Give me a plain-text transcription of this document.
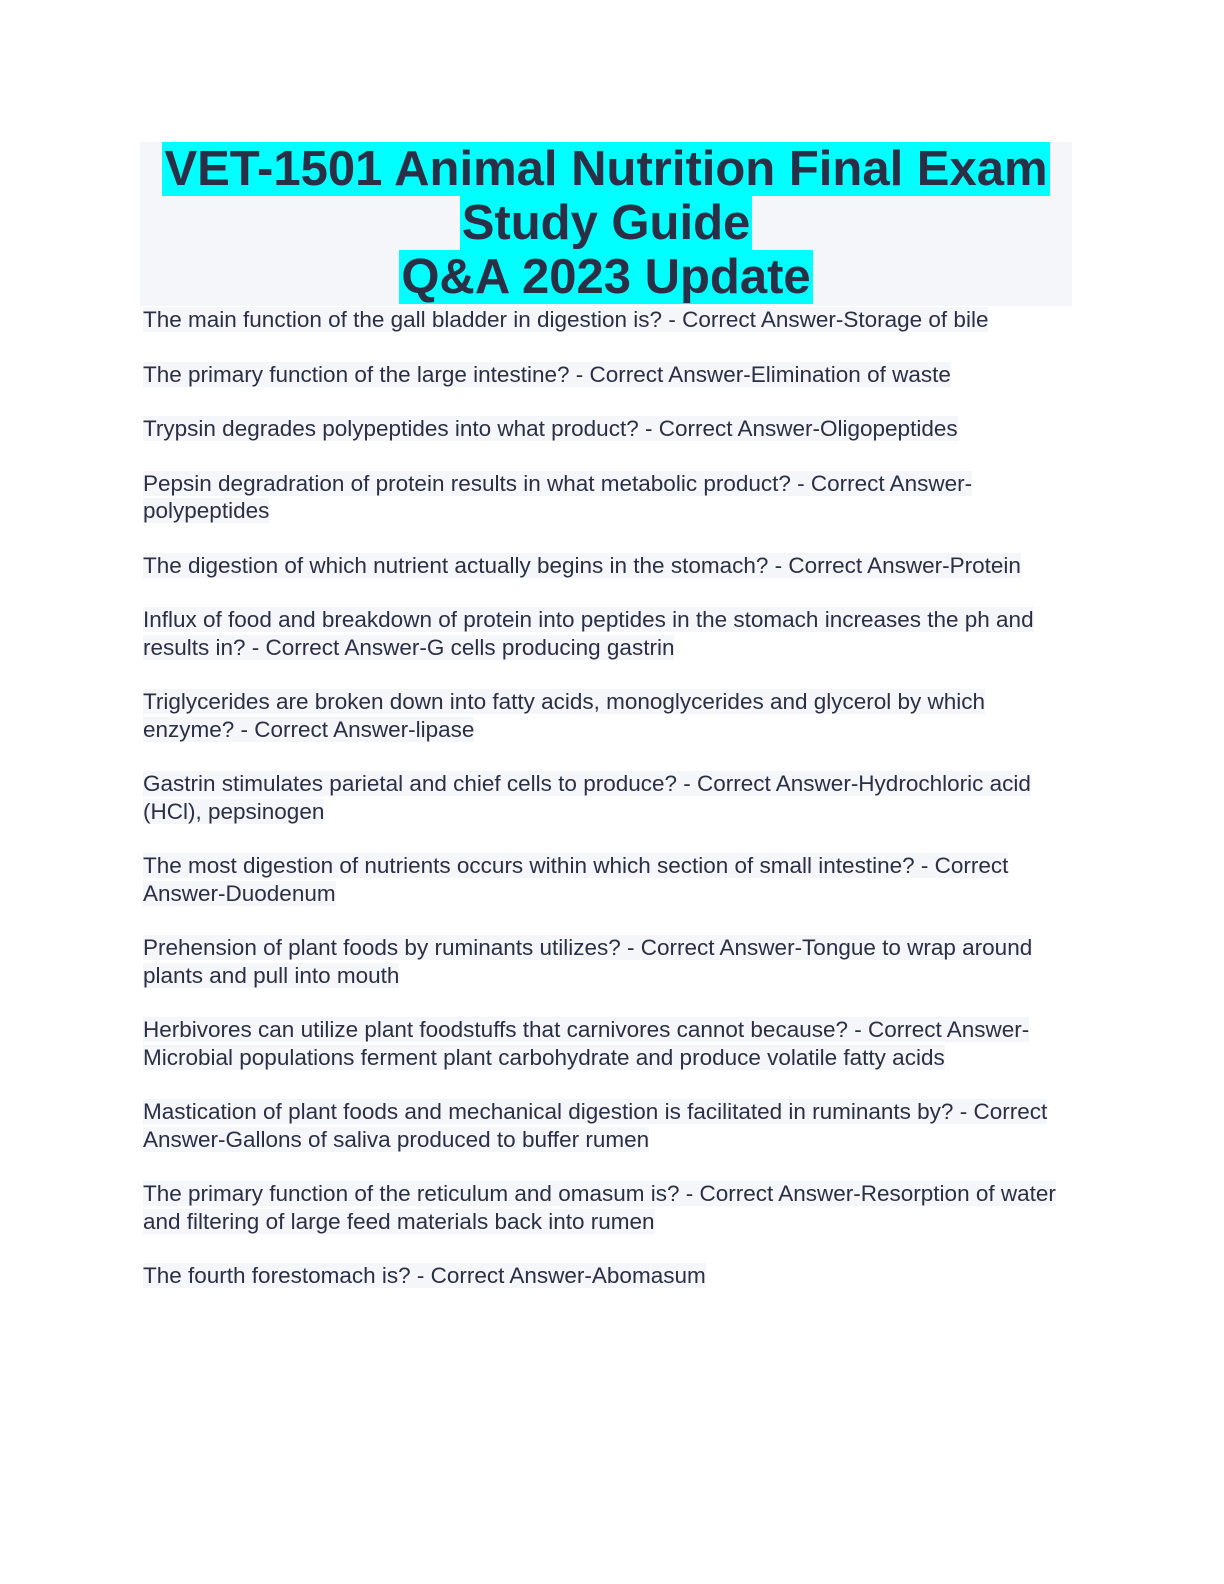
VET-1501 Animal Nutrition Final Exam
Study Guide
Q&A 2023 Update

The main function of the gall bladder in digestion is? - Correct Answer-Storage of bile

The primary function of the large intestine? - Correct Answer-Elimination of waste

Trypsin degrades polypeptides into what product? - Correct Answer-Oligopeptides

Pepsin degradration of protein results in what metabolic product? - Correct Answer-polypeptides

The digestion of which nutrient actually begins in the stomach? - Correct Answer-Protein

Influx of food and breakdown of protein into peptides in the stomach increases the ph and results in? - Correct Answer-G cells producing gastrin

Triglycerides are broken down into fatty acids, monoglycerides and glycerol by which enzyme? - Correct Answer-lipase

Gastrin stimulates parietal and chief cells to produce? - Correct Answer-Hydrochloric acid (HCl), pepsinogen

The most digestion of nutrients occurs within which section of small intestine? - Correct Answer-Duodenum

Prehension of plant foods by ruminants utilizes? - Correct Answer-Tongue to wrap around plants and pull into mouth

Herbivores can utilize plant foodstuffs that carnivores cannot because? - Correct Answer-Microbial populations ferment plant carbohydrate and produce volatile fatty acids

Mastication of plant foods and mechanical digestion is facilitated in ruminants by? - Correct Answer-Gallons of saliva produced to buffer rumen

The primary function of the reticulum and omasum is? - Correct Answer-Resorption of water and filtering of large feed materials back into rumen

The fourth forestomach is? - Correct Answer-Abomasum
